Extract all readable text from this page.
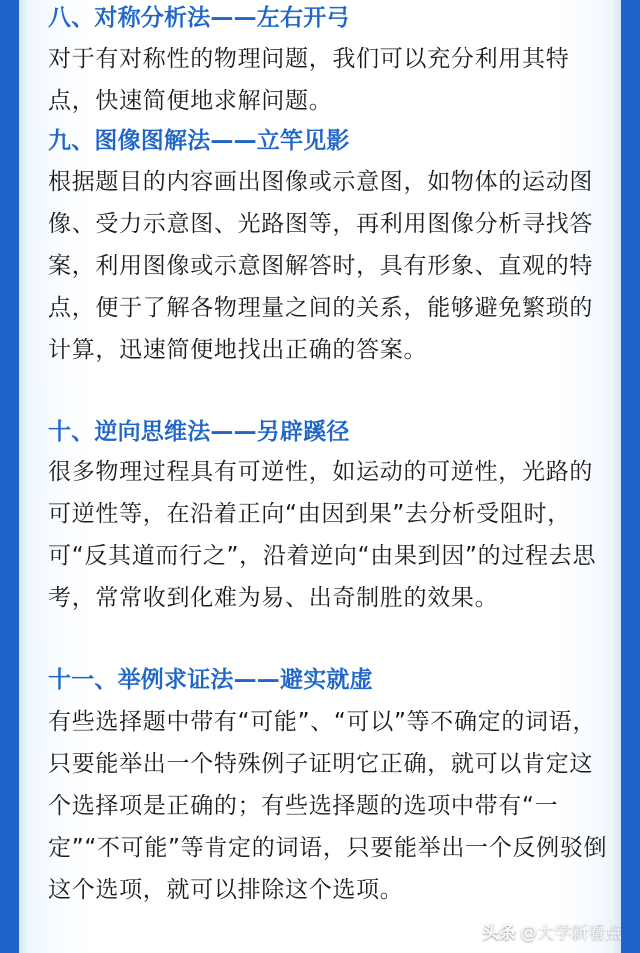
八、对称分析法——左右开弓

对于有对称性的物理问题，我们可以充分利用其特点，快速简便地求解问题。

九、图像图解法——立竿见影

根据题目的内容画出图像或示意图，如物体的运动图像、受力示意图、光路图等，再利用图像分析寻找答案，利用图像或示意图解答时，具有形象、直观的特点，便于了解各物理量之间的关系，能够避免繁琐的计算，迅速简便地找出正确的答案。

十、逆向思维法——另辟蹊径

很多物理过程具有可逆性，如运动的可逆性，光路的可逆性等，在沿着正向“由因到果”去分析受阻时，可“反其道而行之”，沿着逆向“由果到因”的过程去思考，常常收到化难为易、出奇制胜的效果。

十一、举例求证法——避实就虚

有些选择题中带有“可能”、“可以”等不确定的词语，只要能举出一个特殊例子证明它正确，就可以肯定这个选择项是正确的；有些选择题的选项中带有“一定”“不可能”等肯定的词语，只要能举出一个反例驳倒这个选项，就可以排除这个选项。

头条 @大学新看点
